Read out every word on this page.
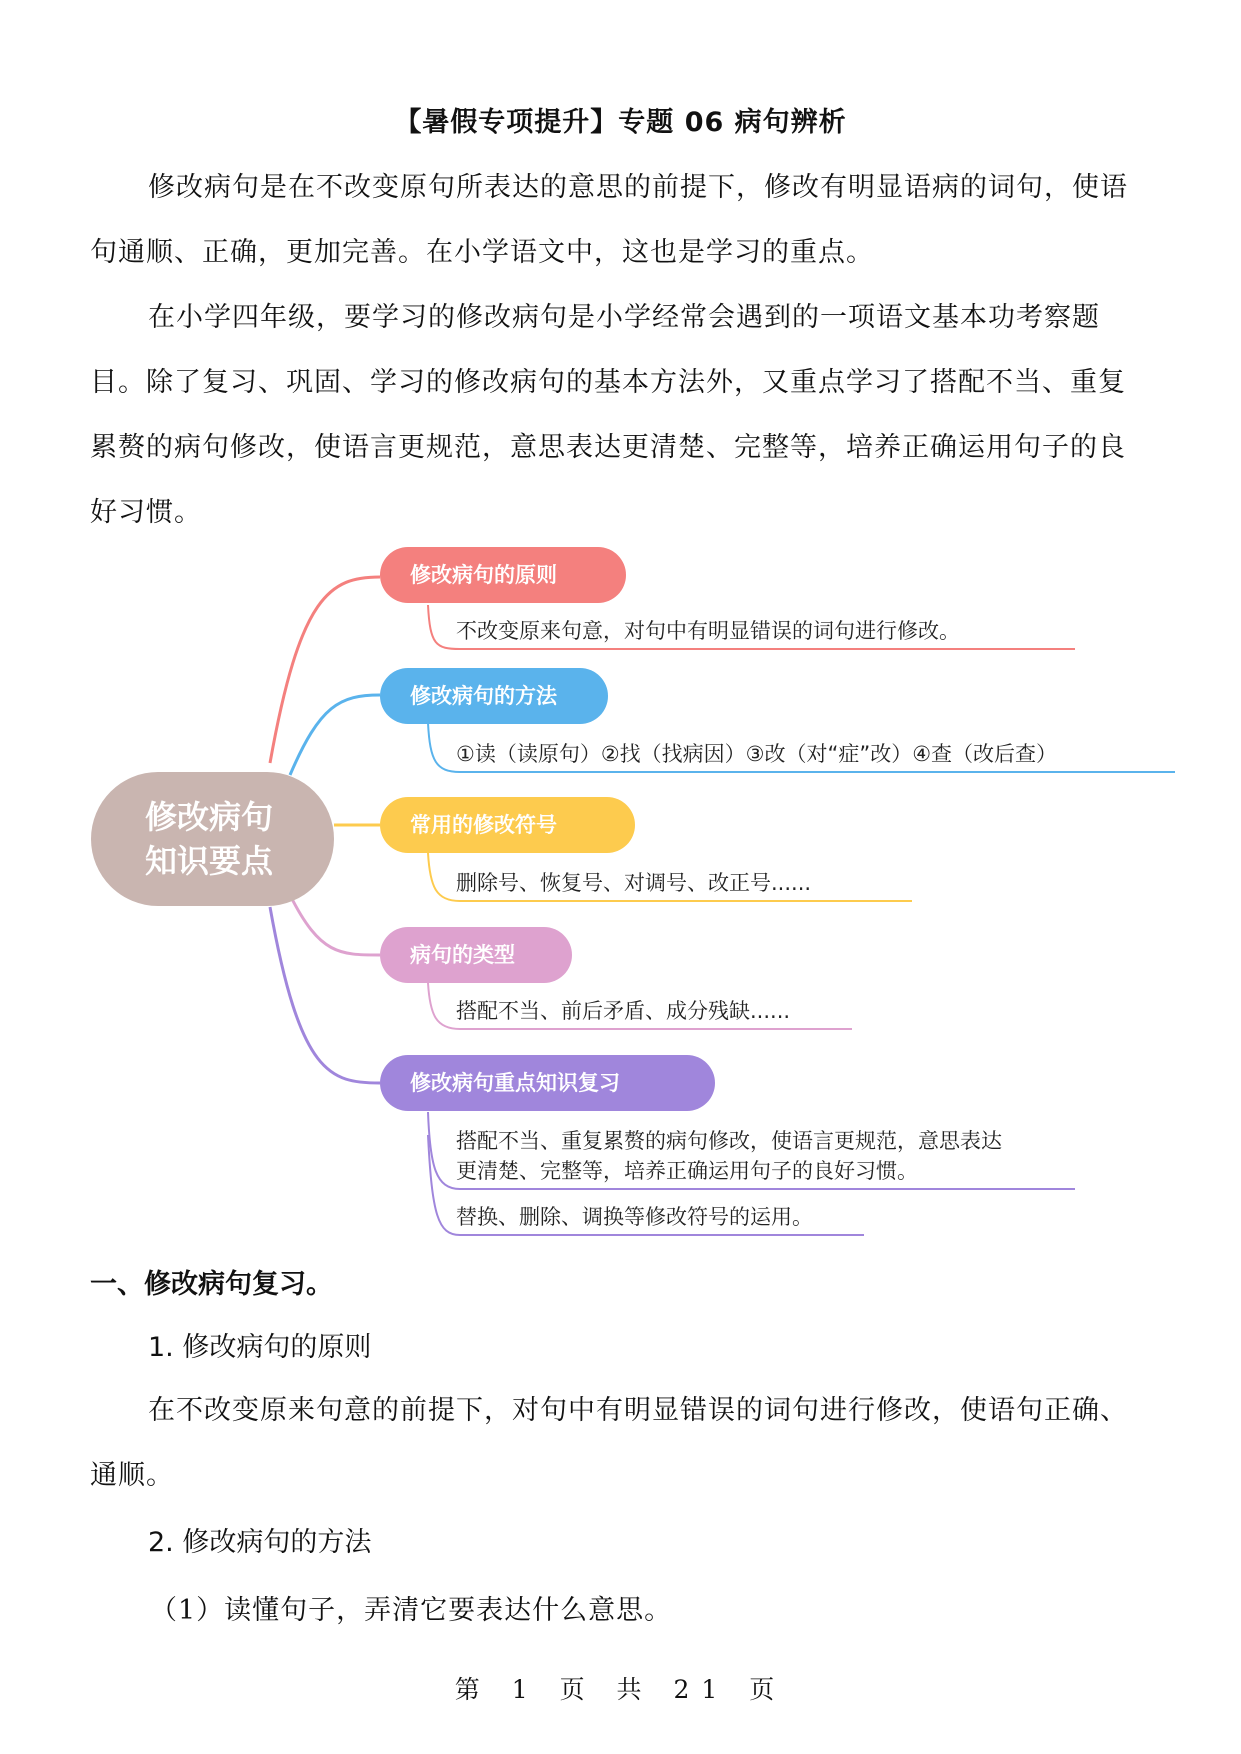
【暑假专项提升】专题 06 病句辨析
修改病句是在不改变原句所表达的意思的前提下，修改有明显语病的词句，使语句通顺、正确，更加完善。在小学语文中，这也是学习的重点。
在小学四年级，要学习的修改病句是小学经常会遇到的一项语文基本功考察题目。除了复习、巩固、学习的修改病句的基本方法外，又重点学习了搭配不当、重复累赘的病句修改，使语言更规范，意思表达更清楚、完整等，培养正确运用句子的良好习惯。
修改病句
知识要点
修改病句的原则
不改变原来句意，对句中有明显错误的词句进行修改。
修改病句的方法
①读（读原句）②找（找病因）③改（对“症”改）④查（改后查）
常用的修改符号
删除号、恢复号、对调号、改正号......
病句的类型
搭配不当、前后矛盾、成分残缺......
修改病句重点知识复习
搭配不当、重复累赘的病句修改，使语言更规范，意思表达
更清楚、完整等，培养正确运用句子的良好习惯。
替换、删除、调换等修改符号的运用。
一、修改病句复习。
1. 修改病句的原则
在不改变原来句意的前提下，对句中有明显错误的词句进行修改，使语句正确、通顺。
2. 修改病句的方法
（1）读懂句子，弄清它要表达什么意思。
第 1 页 共 21 页
